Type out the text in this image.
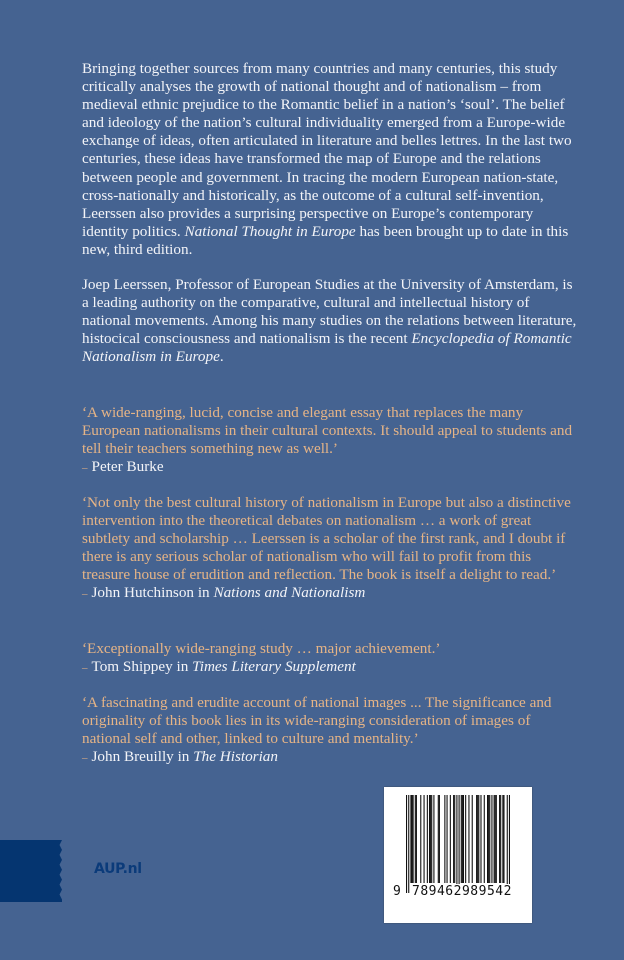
Bringing together sources from many countries and many centuries, this study critically analyses the growth of national thought and of nationalism – from medieval ethnic prejudice to the Romantic belief in a nation’s ‘soul’. The belief and ideology of the nation’s cultural individuality emerged from a Europe-wide exchange of ideas, often articulated in literature and belles lettres. In the last two centuries, these ideas have transformed the map of Europe and the relations between people and government. In tracing the modern European nation-state, cross-nationally and historically, as the outcome of a cultural self-invention, Leerssen also provides a surprising perspective on Europe’s contemporary identity politics. National Thought in Europe has been brought up to date in this new, third edition.

Joep Leerssen, Professor of European Studies at the University of Amsterdam, is a leading authority on the comparative, cultural and intellectual history of national movements. Among his many studies on the relations between literature, histocical consciousness and nationalism is the recent Encyclopedia of Romantic Nationalism in Europe.

‘A wide-ranging, lucid, concise and elegant essay that replaces the many European nationalisms in their cultural contexts. It should appeal to students and tell their teachers something new as well.’
– Peter Burke
‘Not only the best cultural history of nationalism in Europe but also a distinctive intervention into the theoretical debates on nationalism … a work of great subtlety and scholarship … Leerssen is a scholar of the first rank, and I doubt if there is any serious scholar of nationalism who will fail to profit from this treasure house of erudition and reflection. The book is itself a delight to read.’
– John Hutchinson in Nations and Nationalism
‘Exceptionally wide-ranging study … major achievement.’
– Tom Shippey in Times Literary Supplement
‘A fascinating and erudite account of national images ... The significance and originality of this book lies in its wide-ranging consideration of images of national self and other, linked to culture and mentality.’
– John Breuilly in The Historian
AUP.nl
9 789462989542
